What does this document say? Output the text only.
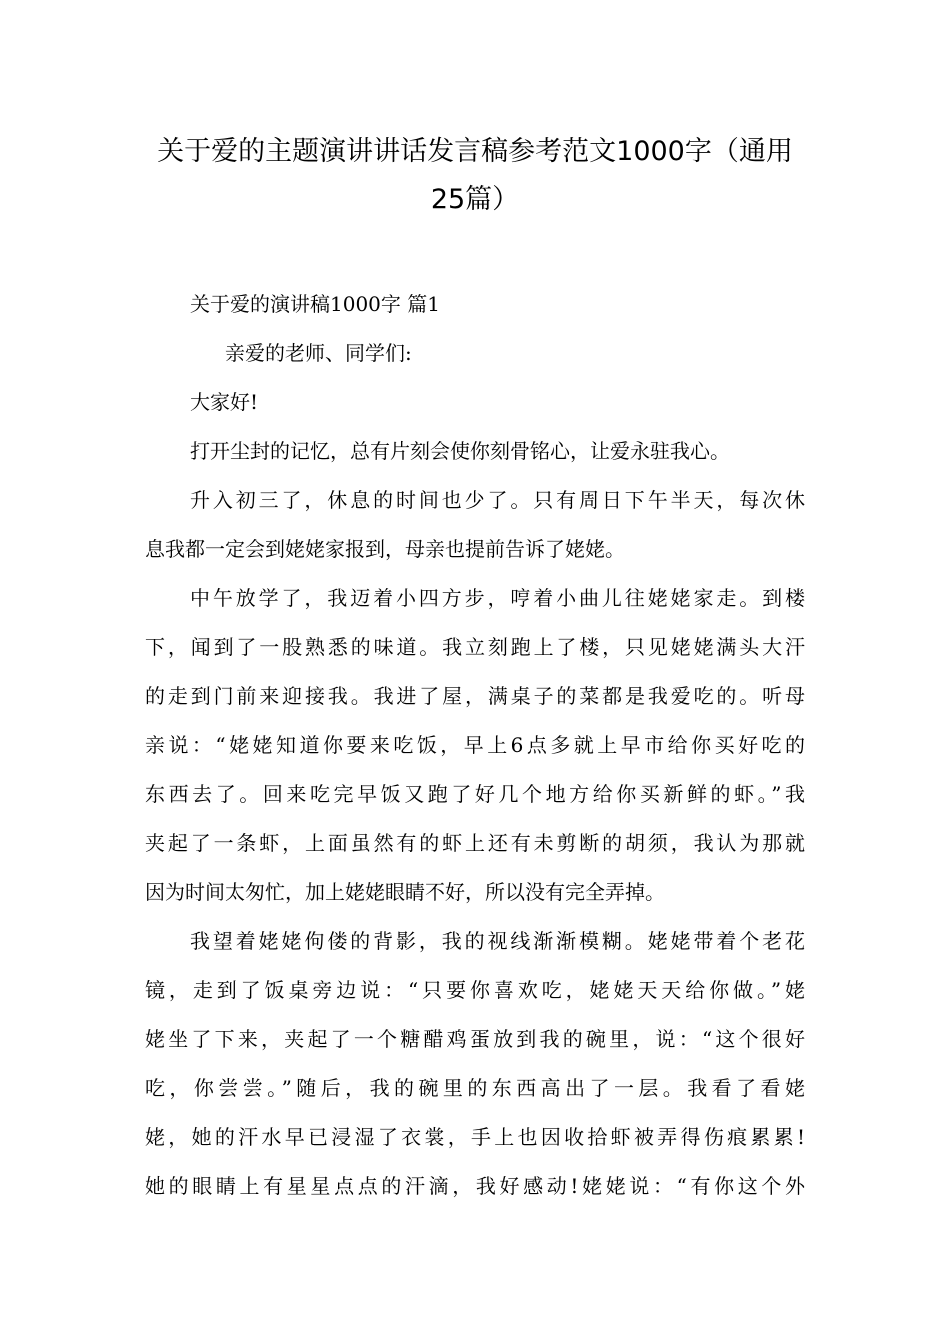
关于爱的主题演讲讲话发言稿参考范文1000字（通用
25篇）
关于爱的演讲稿1000字 篇1
亲爱的老师、同学们:
大家好!
打开尘封的记忆，总有片刻会使你刻骨铭心，让爱永驻我心。
升入初三了，休息的时间也少了。只有周日下午半天，每次休
息我都一定会到姥姥家报到，母亲也提前告诉了姥姥。
中午放学了，我迈着小四方步，哼着小曲儿往姥姥家走。到楼
下，闻到了一股熟悉的味道。我立刻跑上了楼，只见姥姥满头大汗
的走到门前来迎接我。我进了屋，满桌子的菜都是我爱吃的。听母
亲说：“姥姥知道你要来吃饭，早上6点多就上早市给你买好吃的
东西去了。回来吃完早饭又跑了好几个地方给你买新鲜的虾。”我
夹起了一条虾，上面虽然有的虾上还有未剪断的胡须，我认为那就
因为时间太匆忙，加上姥姥眼睛不好，所以没有完全弄掉。
我望着姥姥佝偻的背影，我的视线渐渐模糊。姥姥带着个老花
镜，走到了饭桌旁边说：“只要你喜欢吃，姥姥天天给你做。”姥
姥坐了下来，夹起了一个糖醋鸡蛋放到我的碗里，说：“这个很好
吃，你尝尝。”随后，我的碗里的东西高出了一层。我看了看姥
姥，她的汗水早已浸湿了衣裳，手上也因收拾虾被弄得伤痕累累!
她的眼睛上有星星点点的汗滴，我好感动!姥姥说：“有你这个外
